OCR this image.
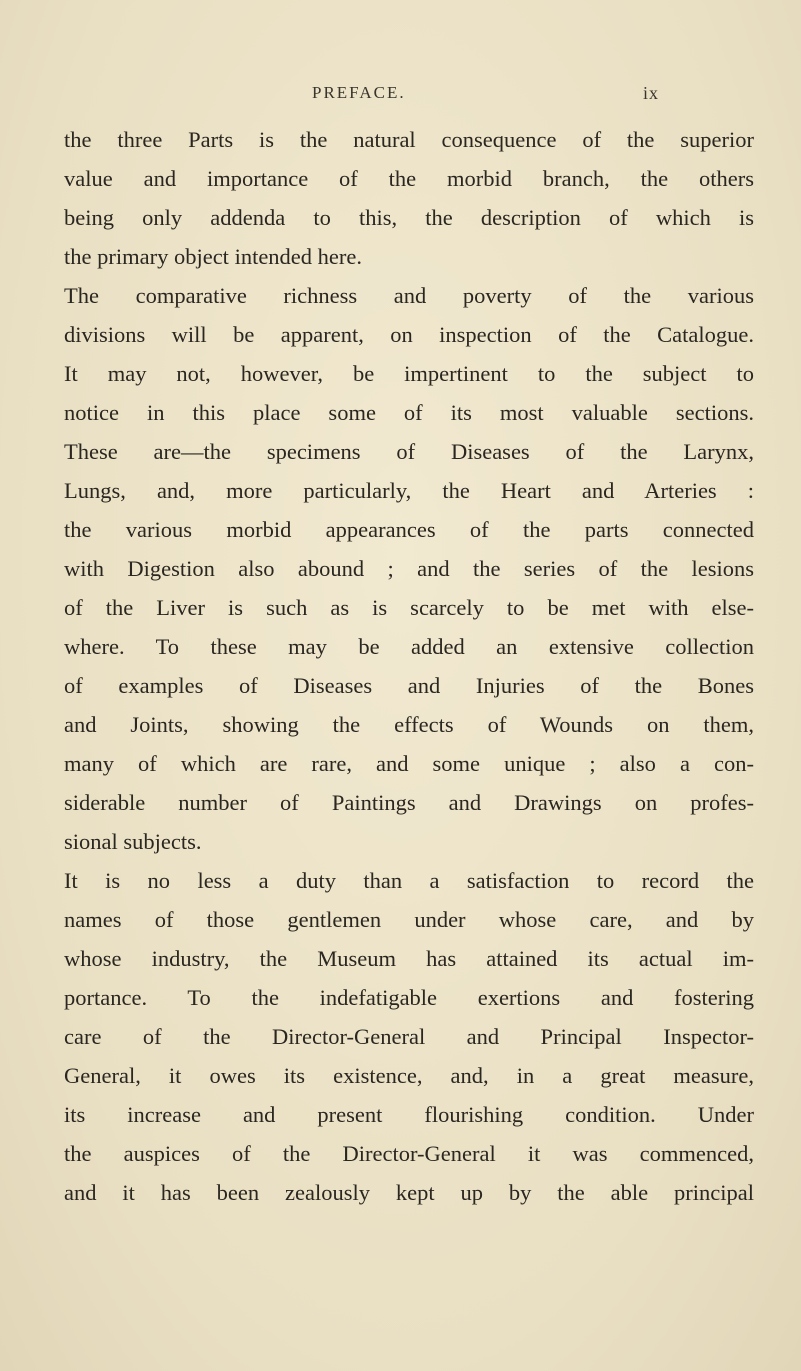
PREFACE.	ix
the three Parts is the natural consequence of the superior
value and importance of the morbid branch, the others
being only addenda to this, the description of which is
the primary object intended here.
The comparative richness and poverty of the various
divisions will be apparent, on inspection of the Catalogue.
It may not, however, be impertinent to the subject to
notice in this place some of its most valuable sections.
These are—the specimens of Diseases of the Larynx,
Lungs, and, more particularly, the Heart and Arteries :
the various morbid appearances of the parts connected
with Digestion also abound ; and the series of the lesions
of the Liver is such as is scarcely to be met with else-
where. To these may be added an extensive collection
of examples of Diseases and Injuries of the Bones
and Joints, showing the effects of Wounds on them,
many of which are rare, and some unique ; also a con-
siderable number of Paintings and Drawings on profes-
sional subjects.
It is no less a duty than a satisfaction to record the
names of those gentlemen under whose care, and by
whose industry, the Museum has attained its actual im-
portance. To the indefatigable exertions and fostering
care of the Director-General and Principal Inspector-
General, it owes its existence, and, in a great measure,
its increase and present flourishing condition. Under
the auspices of the Director-General it was commenced,
and it has been zealously kept up by the able principal
